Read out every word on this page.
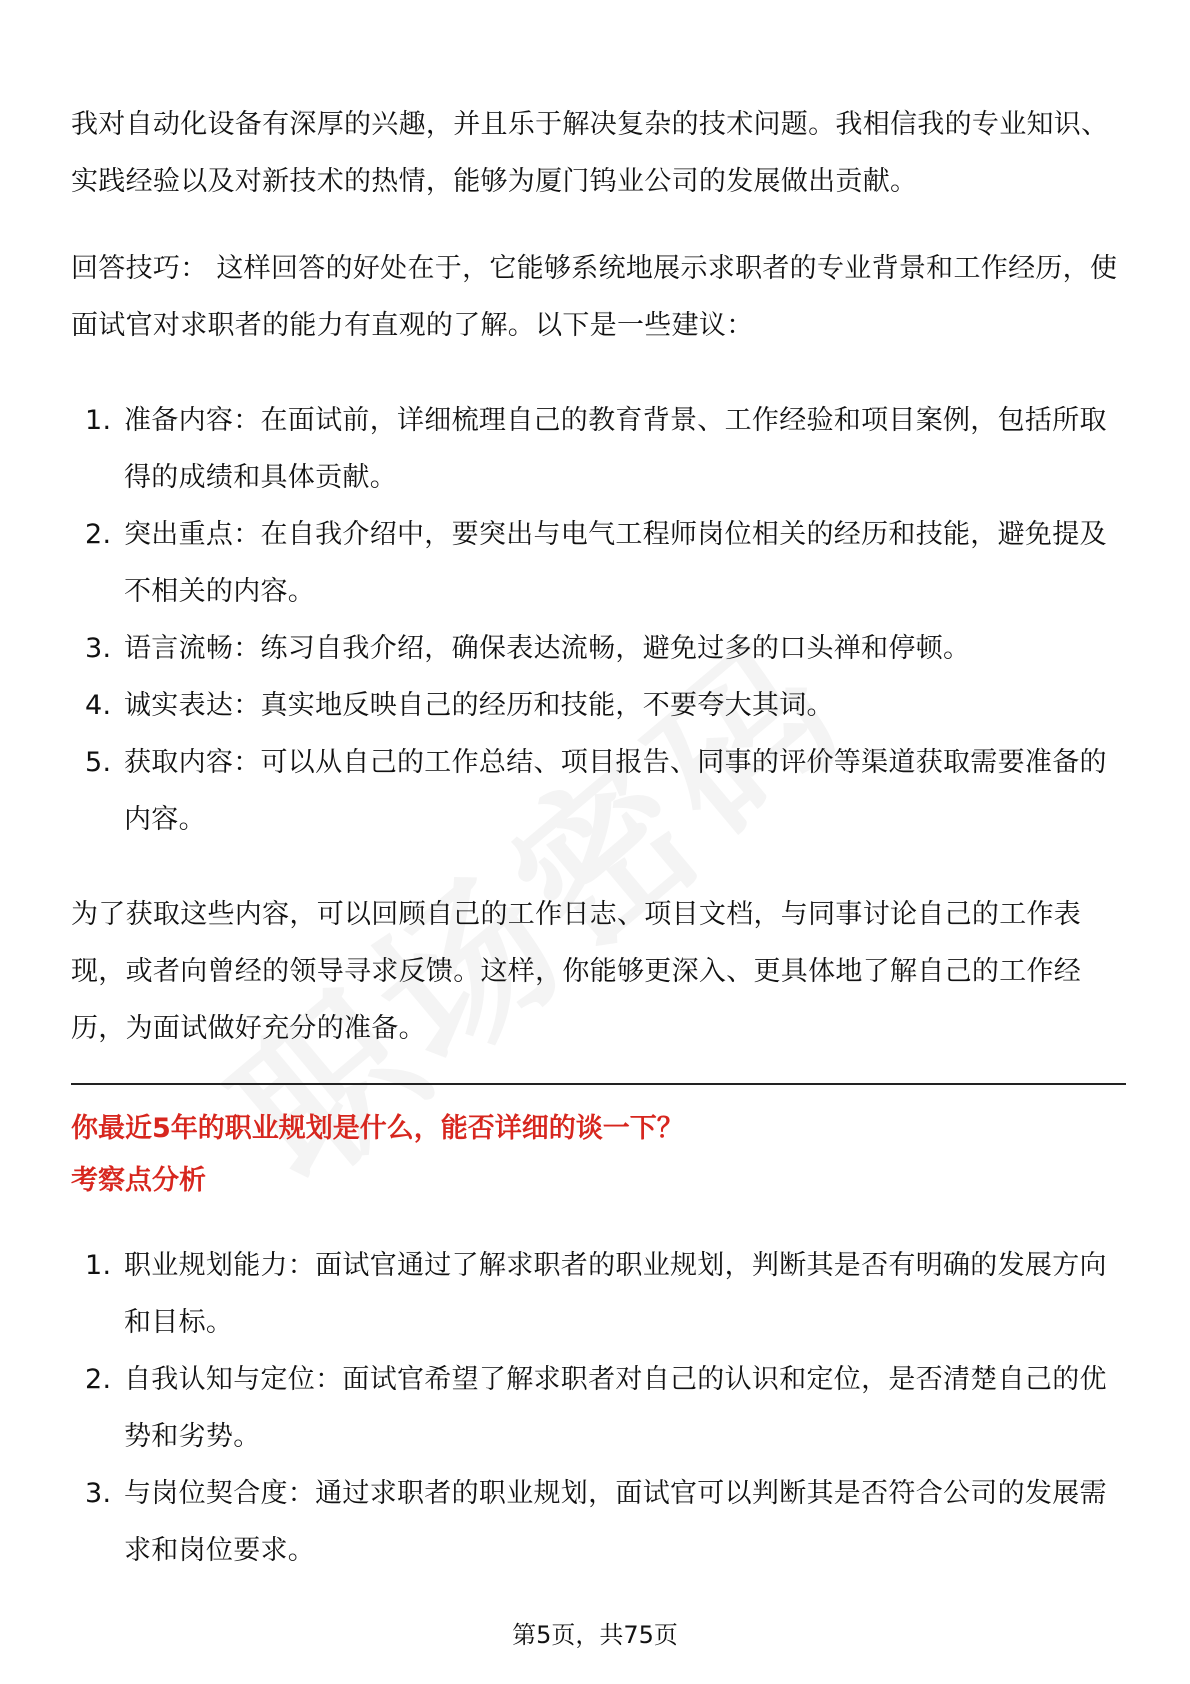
我对自动化设备有深厚的兴趣，并且乐于解决复杂的技术问题。我相信我的专业知识、实践经验以及对新技术的热情，能够为厦门钨业公司的发展做出贡献。

回答技巧： 这样回答的好处在于，它能够系统地展示求职者的专业背景和工作经历，使面试官对求职者的能力有直观的了解。以下是一些建议：

1. 准备内容：在面试前，详细梳理自己的教育背景、工作经验和项目案例，包括所取得的成绩和具体贡献。
2. 突出重点：在自我介绍中，要突出与电气工程师岗位相关的经历和技能，避免提及不相关的内容。
3. 语言流畅：练习自我介绍，确保表达流畅，避免过多的口头禅和停顿。
4. 诚实表达：真实地反映自己的经历和技能，不要夸大其词。
5. 获取内容：可以从自己的工作总结、项目报告、同事的评价等渠道获取需要准备的内容。

为了获取这些内容，可以回顾自己的工作日志、项目文档，与同事讨论自己的工作表现，或者向曾经的领导寻求反馈。这样，你能够更深入、更具体地了解自己的工作经历，为面试做好充分的准备。

你最近5年的职业规划是什么，能否详细的谈一下？

考察点分析

1. 职业规划能力：面试官通过了解求职者的职业规划，判断其是否有明确的发展方向和目标。
2. 自我认知与定位：面试官希望了解求职者对自己的认识和定位，是否清楚自己的优势和劣势。
3. 与岗位契合度：通过求职者的职业规划，面试官可以判断其是否符合公司的发展需求和岗位要求。
第5页，共75页
